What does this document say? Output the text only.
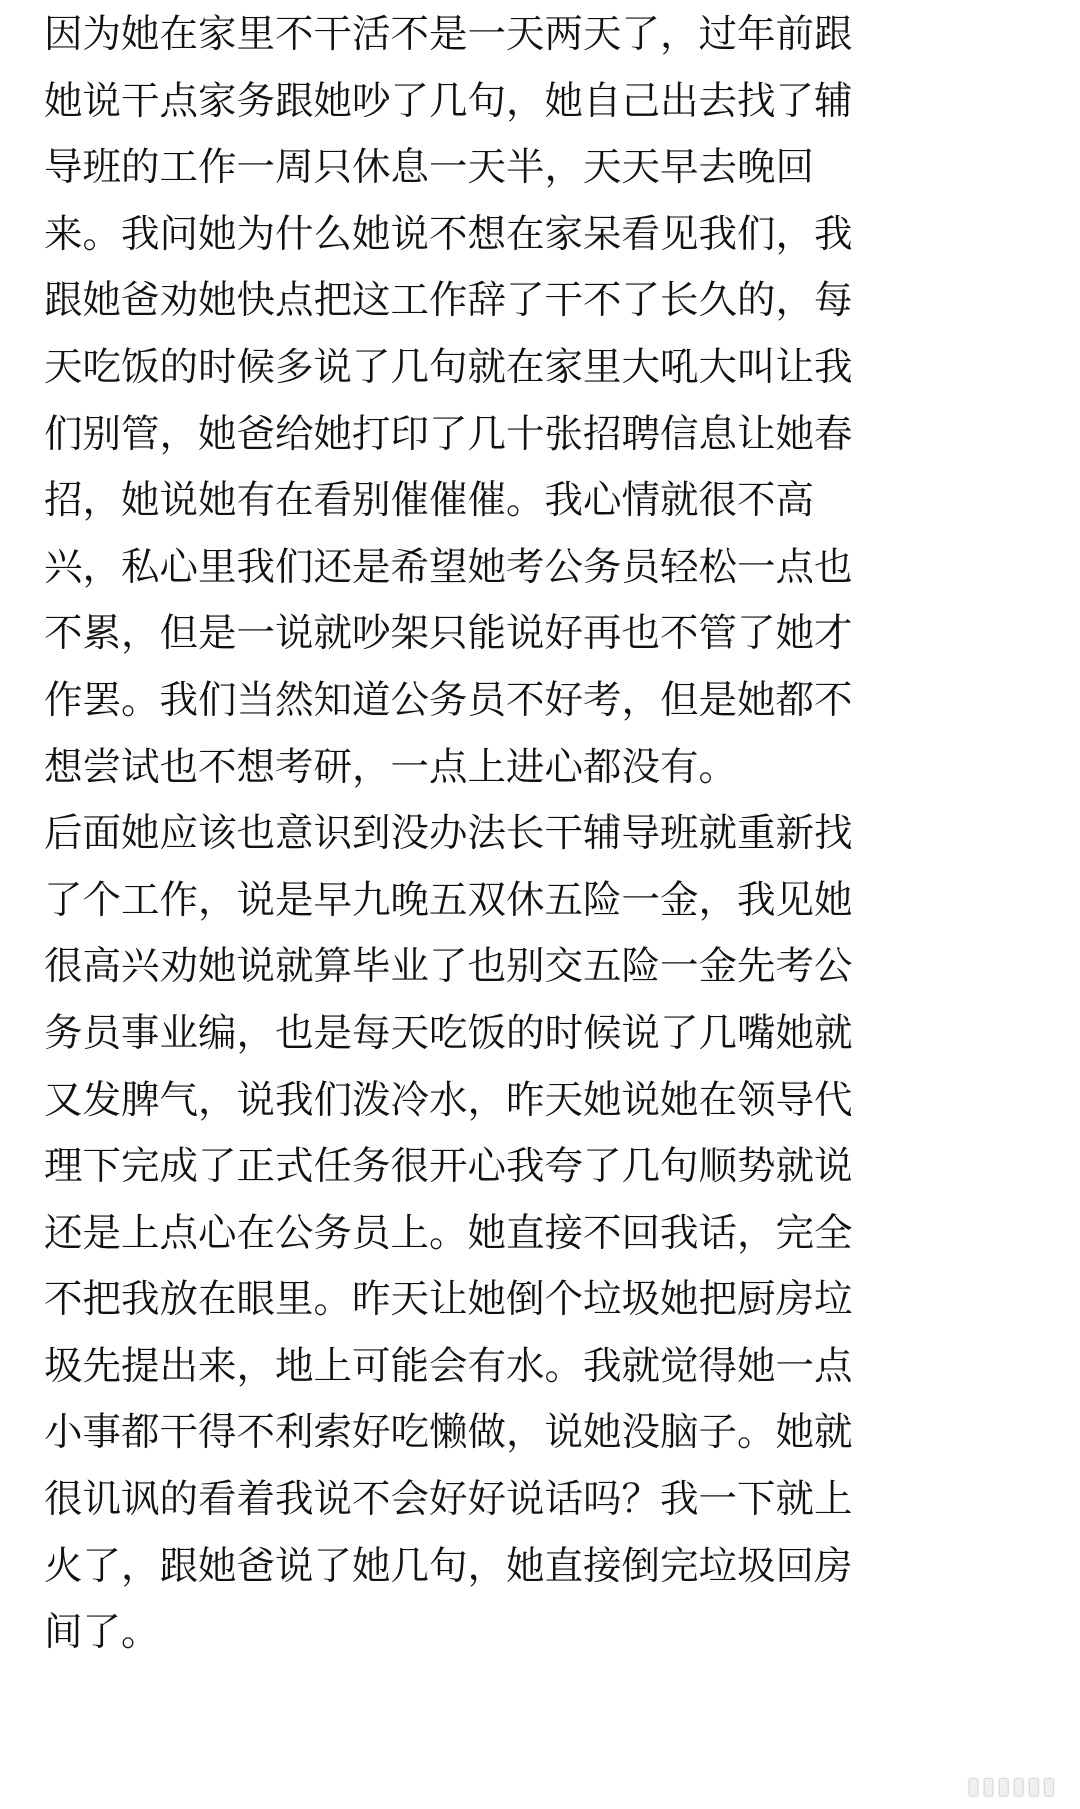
因为她在家里不干活不是一天两天了，过年前跟
她说干点家务跟她吵了几句，她自己出去找了辅
导班的工作一周只休息一天半，天天早去晚回
来。我问她为什么她说不想在家呆看见我们，我
跟她爸劝她快点把这工作辞了干不了长久的，每
天吃饭的时候多说了几句就在家里大吼大叫让我
们别管，她爸给她打印了几十张招聘信息让她春
招，她说她有在看别催催催。我心情就很不高
兴，私心里我们还是希望她考公务员轻松一点也
不累，但是一说就吵架只能说好再也不管了她才
作罢。我们当然知道公务员不好考，但是她都不
想尝试也不想考研，一点上进心都没有。
后面她应该也意识到没办法长干辅导班就重新找
了个工作，说是早九晚五双休五险一金，我见她
很高兴劝她说就算毕业了也别交五险一金先考公
务员事业编，也是每天吃饭的时候说了几嘴她就
又发脾气，说我们泼冷水，昨天她说她在领导代
理下完成了正式任务很开心我夸了几句顺势就说
还是上点心在公务员上。她直接不回我话，完全
不把我放在眼里。昨天让她倒个垃圾她把厨房垃
圾先提出来，地上可能会有水。我就觉得她一点
小事都干得不利索好吃懒做，说她没脑子。她就
很讥讽的看着我说不会好好说话吗？我一下就上
火了，跟她爸说了她几句，她直接倒完垃圾回房
间了。
▮▮▮▮▮▮
